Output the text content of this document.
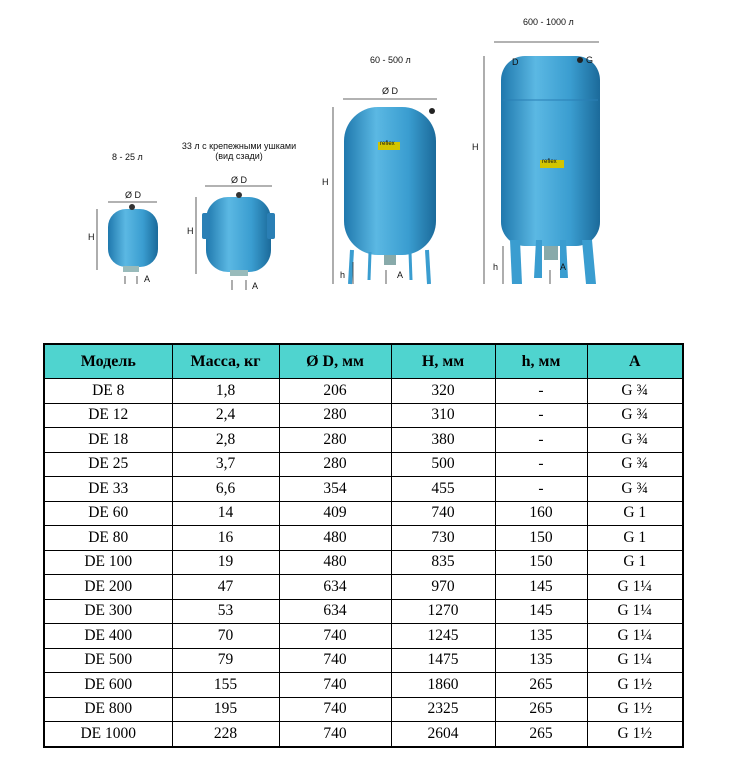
8 - 25 л
Ø D
H
A
33 л с крепежными ушками
(вид сзади)
Ø D
H
A
60 - 500 л
Ø D
H
h	A
reflex
600 - 1000 л
D	G
H
h	A
reflex
Модель	Масса, кг	Ø D, мм	H, мм	h, мм	A
DE 8	1,8	206	320	-	G ¾
DE 12	2,4	280	310	-	G ¾
DE 18	2,8	280	380	-	G ¾
DE 25	3,7	280	500	-	G ¾
DE 33	6,6	354	455	-	G ¾
DE 60	14	409	740	160	G 1
DE 80	16	480	730	150	G 1
DE 100	19	480	835	150	G 1
DE 200	47	634	970	145	G 1¼
DE 300	53	634	1270	145	G 1¼
DE 400	70	740	1245	135	G 1¼
DE 500	79	740	1475	135	G 1¼
DE 600	155	740	1860	265	G 1½
DE 800	195	740	2325	265	G 1½
DE 1000	228	740	2604	265	G 1½
